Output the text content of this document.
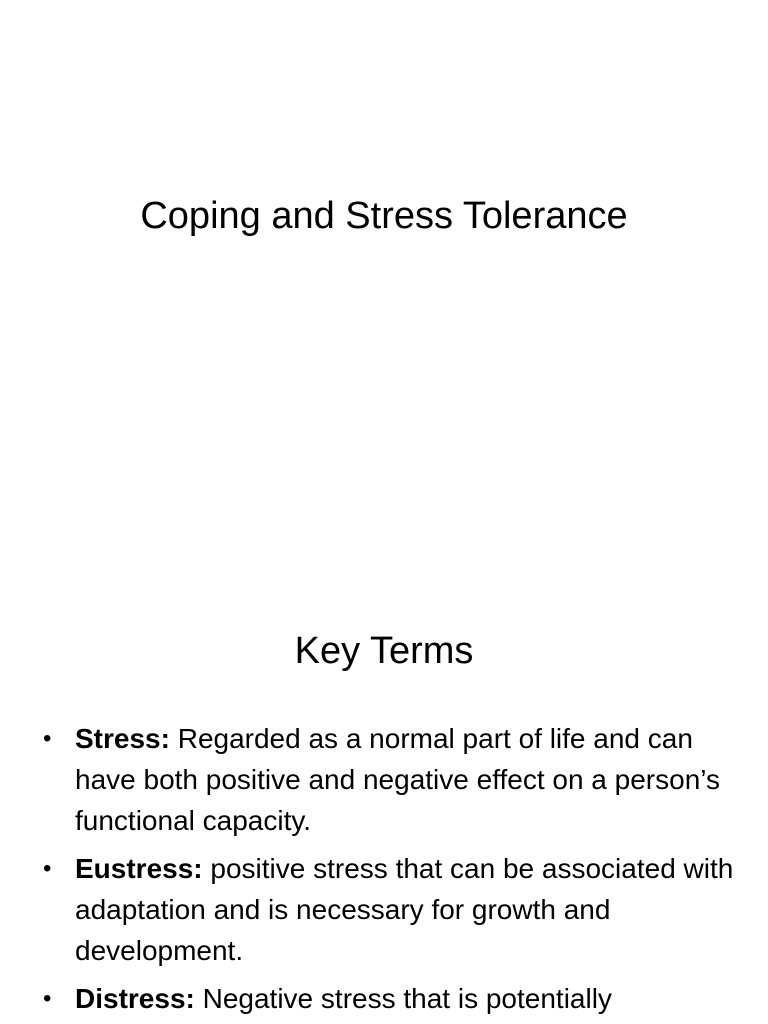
Coping and Stress Tolerance
Key Terms
• Stress: Regarded as a normal part of life and can have both positive and negative effect on a person’s functional capacity.
• Eustress: positive stress that can be associated with adaptation and is necessary for growth and development.
• Distress: Negative stress that is potentially
